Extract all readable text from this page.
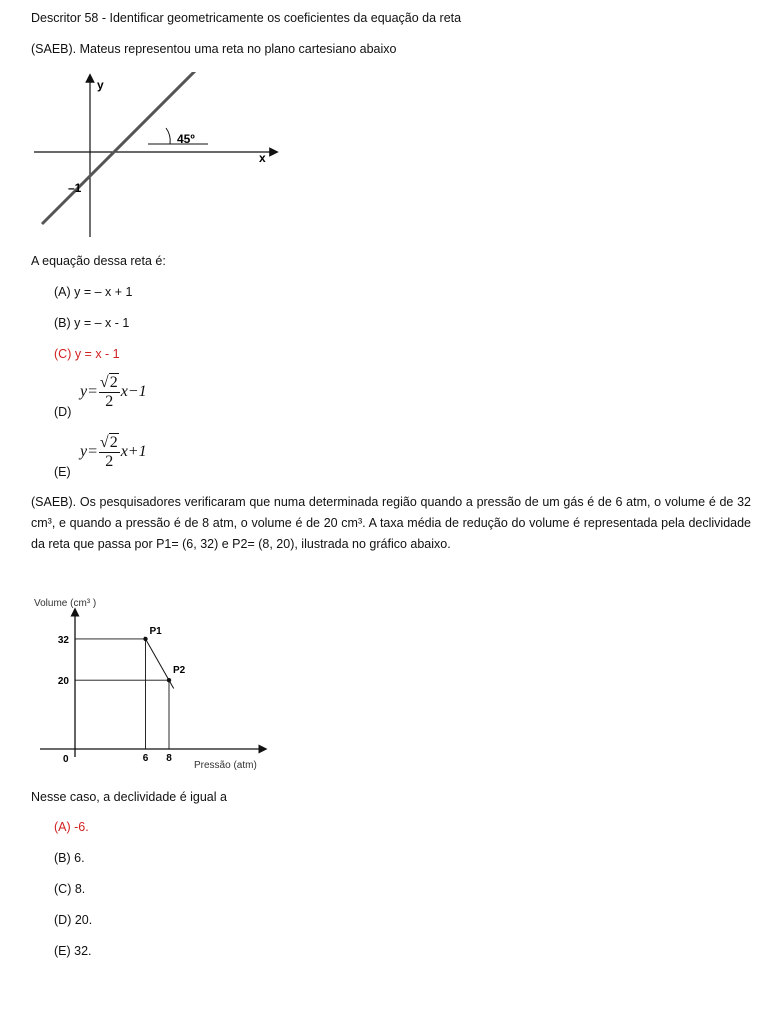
Descritor 58 - Identificar geometricamente os coeficientes da equação da reta
(SAEB). Mateus representou uma reta no plano cartesiano abaixo
y
x
45º
–1
A equação dessa reta é:
(A) y = – x + 1
(B) y = – x - 1
(C) y = x - 1
(D)
$y= \frac{√2}{2} x-1$
(E)
$y= \frac{√2}{2} x+1$
(SAEB). Os pesquisadores verificaram que numa determinada região quando a pressão de um gás é de 6 atm, o volume é de 32 cm³, e quando a pressão é de 8 atm, o volume é de 20 cm³. A taxa média de redução do volume é representada pela declividade da reta que passa por P1= (6, 32) e P2= (8, 20), ilustrada no gráfico abaixo.
P1
P2
32
20
6 8
Volume (cm³ )
Pressão (atm)
0
Nesse caso, a declividade é igual a
(A) -6.
(B) 6.
(C) 8.
(D) 20.
(E) 32.
